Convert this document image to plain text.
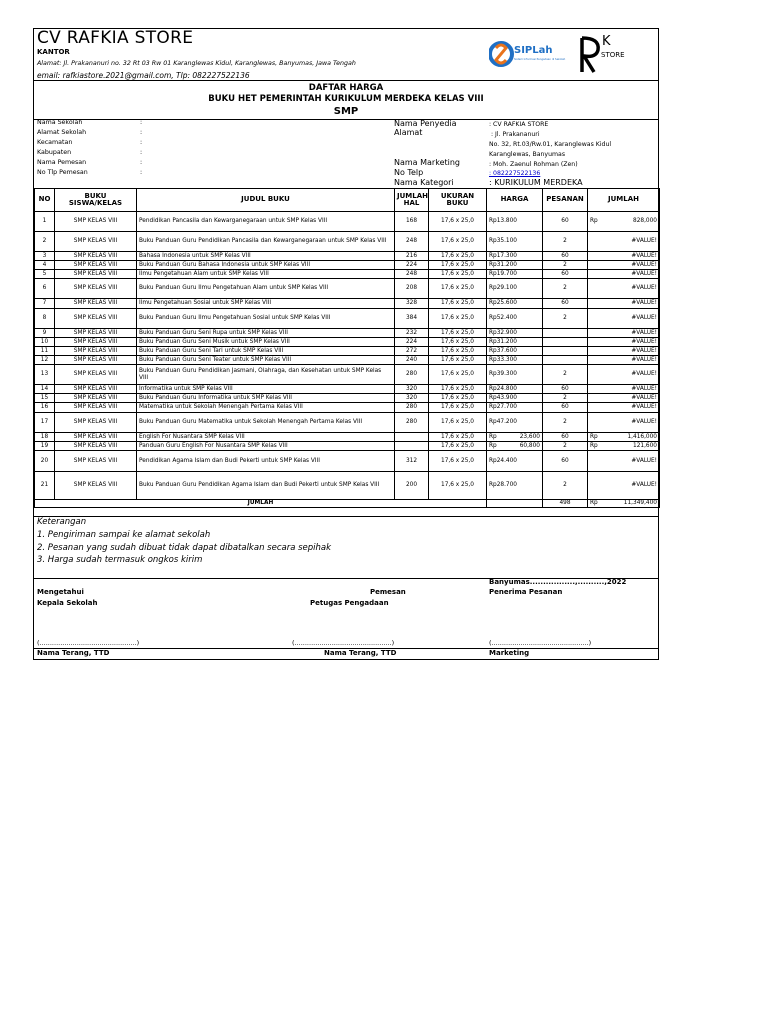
CV RAFKIA STORE
KANTOR
Alamat: Jl. Prakananuri no. 32 Rt 03 Rw 01 Karanglewas Kidul, Karanglewas, Banyumas, Jawa Tengah
email: rafkiastore.2021@gmail.com, Tlp: 082227522136
SIPLah
Sistem Informasi Pengadaan di Sekolah
K
STORE
DAFTAR HARGA
BUKU HET PEMERINTAH KURIKULUM MERDEKA KELAS VIII
SMP
Nama Sekolah	:
Alamat Sekolah	:
Kecamatan	:
Kabupaten	:
Nama Pemesan	:
No Tlp Pemesan	:
Nama Penyedia	: CV RAFKIA STORE
Alamat	: Jl. Prakananuri
No. 32, Rt.03/Rw.01, Karanglewas Kidul
Karanglewas, Banyumas
Nama Marketing	: Moh. Zaenul Rohman (Zen)
No Telp	: 082227522136
Nama Kategori	: KURIKULUM MERDEKA
NO	BUKU SISWA/KELAS	JUDUL BUKU	JUMLAH HAL	UKURAN BUKU	HARGA	PESANAN	JUMLAH
1	SMP KELAS VIII	Pendidikan Pancasila dan Kewarganegaraan untuk SMP Kelas VIII	168	17,6 x 25,0	Rp13.800	60	Rp 828,000

2	SMP KELAS VIII	Buku Panduan Guru Pendidikan Pancasila dan Kewarganegaraan untuk SMP Kelas VIII	248	17,6 x 25,0	Rp35.100	2	#VALUE!

3	SMP KELAS VIII	Bahasa Indonesia untuk SMP Kelas VIII	216	17,6 x 25,0	Rp17.300	60	#VALUE!

4	SMP KELAS VIII	Buku Panduan Guru Bahasa Indonesia untuk SMP Kelas VIII	224	17,6 x 25,0	Rp31.200	2	#VALUE!

5	SMP KELAS VIII	Ilmu Pengetahuan Alam untuk SMP Kelas VIII	248	17,6 x 25,0	Rp19.700	60	#VALUE!

6	SMP KELAS VIII	Buku Panduan Guru Ilmu Pengetahuan Alam untuk SMP Kelas VIII	208	17,6 x 25,0	Rp29.100	2	#VALUE!

7	SMP KELAS VIII	Ilmu Pengetahuan Sosial untuk SMP Kelas VIII	328	17,6 x 25,0	Rp25.600	60	#VALUE!

8	SMP KELAS VIII	Buku Panduan Guru Ilmu Pengetahuan Sosial untuk SMP Kelas VIII	384	17,6 x 25,0	Rp52.400	2	#VALUE!

9	SMP KELAS VIII	Buku Panduan Guru Seni Rupa untuk SMP Kelas VIII	232	17,6 x 25,0	Rp32.900		#VALUE!

10	SMP KELAS VIII	Buku Panduan Guru Seni Musik untuk SMP Kelas VIII	224	17,6 x 25,0	Rp31.200		#VALUE!

11	SMP KELAS VIII	Buku Panduan Guru Seni Tari untuk SMP Kelas VIII	272	17,6 x 25,0	Rp37.600		#VALUE!

12	SMP KELAS VIII	Buku Panduan Guru Seni Teater untuk SMP Kelas VIII	240	17,6 x 25,0	Rp33.300		#VALUE!

13	SMP KELAS VIII	Buku Panduan Guru Pendidikan Jasmani, Olahraga, dan Kesehatan untuk SMP Kelas VIII	280	17,6 x 25,0	Rp39.300	2	#VALUE!

14	SMP KELAS VIII	Informatika untuk SMP Kelas VIII	320	17,6 x 25,0	Rp24.800	60	#VALUE!

15	SMP KELAS VIII	Buku Panduan Guru Informatika untuk SMP Kelas VIII	320	17,6 x 25,0	Rp43.900	2	#VALUE!

16	SMP KELAS VIII	Matematika untuk Sekolah Menengah Pertama Kelas VIII	280	17,6 x 25,0	Rp27.700	60	#VALUE!

17	SMP KELAS VIII	Buku Panduan Guru Matematika untuk Sekolah Menengah Pertama Kelas VIII	280	17,6 x 25,0	Rp47.200	2	#VALUE!

18	SMP KELAS VIII	English For Nusantara SMP Kelas VIII		17,6 x 25,0	Rp 23,600	60	Rp 1,416,000

19	SMP KELAS VIII	Panduan Guru English For Nusantara SMP Kelas VIII		17,6 x 25,0	Rp 60,800	2	Rp 121,600

20	SMP KELAS VIII	Pendidikan Agama Islam dan Budi Pekerti untuk SMP Kelas VIII	312	17,6 x 25,0	Rp24.400	60	#VALUE!

21	SMP KELAS VIII	Buku Panduan Guru Pendidikan Agama Islam dan Budi Pekerti untuk SMP Kelas VIII	200	17,6 x 25,0	Rp28.700	2	#VALUE!

JUMLAH						498	Rp 11,349,400
Keterangan
1. Pengiriman sampai ke alamat sekolah
2. Pesanan yang sudah dibuat tidak dapat dibatalkan secara sepihak
3. Harga sudah termasuk ongkos kirim
Banyumas.................,..........,2022
Mengetahui
Kepala Sekolah
Pemesan
Petugas Pengadaan
Penerima Pesanan
(...............................................)	(...............................................)	(...............................................)
Nama Terang, TTD	Nama Terang, TTD	Marketing
